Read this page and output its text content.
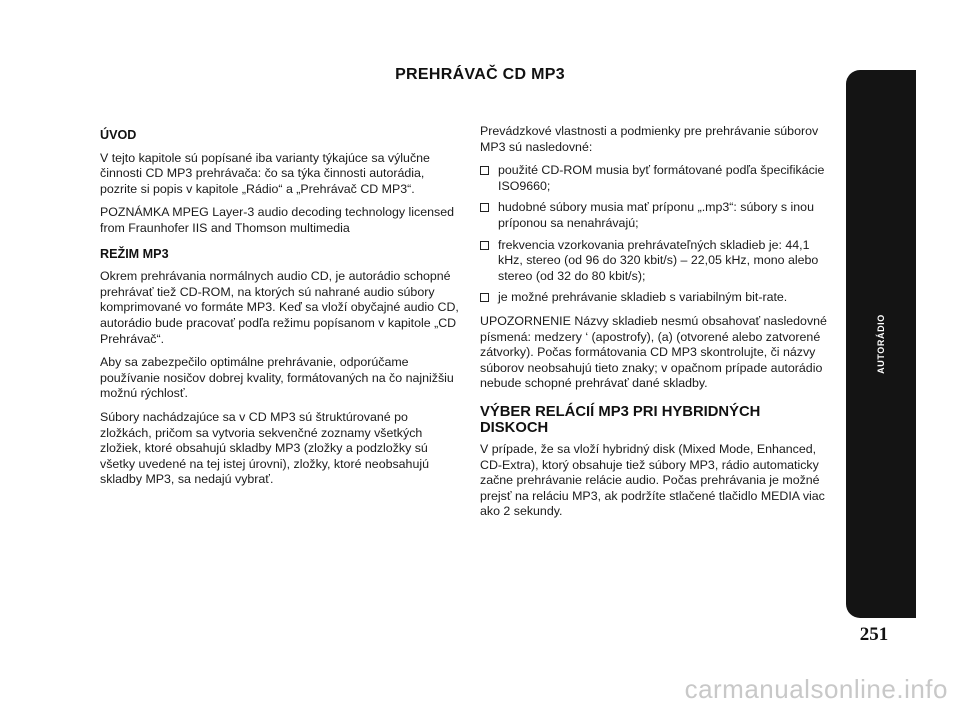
PREHRÁVAČ CD MP3
ÚVOD

V tejto kapitole sú popísané iba varianty týkajúce sa výlučne činnosti CD MP3 prehrávača: čo sa týka činnosti autorádia, pozrite si popis v kapitole „Rádio“ a „Prehrávač CD MP3“.

POZNÁMKA MPEG Layer-3 audio decoding technology licensed from Fraunhofer IIS and Thomson multimedia

REŽIM MP3

Okrem prehrávania normálnych audio CD, je autorádio schopné prehrávať tiež CD-ROM, na ktorých sú nahrané audio súbory komprimované vo formáte MP3. Keď sa vloží obyčajné audio CD, autorádio bude pracovať podľa režimu popísanom v kapitole „CD Prehrávač“.

Aby sa zabezpečilo optimálne prehrávanie, odporúčame používanie nosičov dobrej kvality, formátovaných na čo najnižšiu možnú rýchlosť.

Súbory nachádzajúce sa v CD MP3 sú štruktúrované po zložkách, pričom sa vytvoria sekvenčné zoznamy všetkých zložiek, ktoré obsahujú skladby MP3 (zložky a podzložky sú všetky uvedené na tej istej úrovni), zložky, ktoré neobsahujú skladby MP3, sa nedajú vybrať.

Prevádzkové vlastnosti a podmienky pre prehrávanie súborov MP3 sú nasledovné:

použité CD-ROM musia byť formátované podľa špecifikácie ISO9660;
hudobné súbory musia mať príponu „.mp3“: súbory s inou príponou sa nenahrávajú;
frekvencia vzorkovania prehrávateľných skladieb je: 44,1 kHz, stereo (od 96 do 320 kbit/s) – 22,05 kHz, mono alebo stereo (od 32 do 80 kbit/s);
je možné prehrávanie skladieb s variabilným bit-rate.

UPOZORNENIE Názvy skladieb nesmú obsahovať nasledovné písmená: medzery ‘ (apostrofy), (a) (otvorené alebo zatvorené zátvorky). Počas formátovania CD MP3 skontrolujte, či názvy súborov neobsahujú tieto znaky; v opačnom prípade autorádio nebude schopné prehrávať dané skladby.

VÝBER RELÁCIÍ MP3 PRI HYBRIDNÝCH DISKOCH

V prípade, že sa vloží hybridný disk (Mixed Mode, Enhanced, CD-Extra), ktorý obsahuje tiež súbory MP3, rádio automaticky začne prehrávanie relácie audio. Počas prehrávania je možné prejsť na reláciu MP3, ak podržíte stlačené tlačidlo MEDIA viac ako 2 sekundy.

AUTORÁDIO
251
carmanualsonline.info
